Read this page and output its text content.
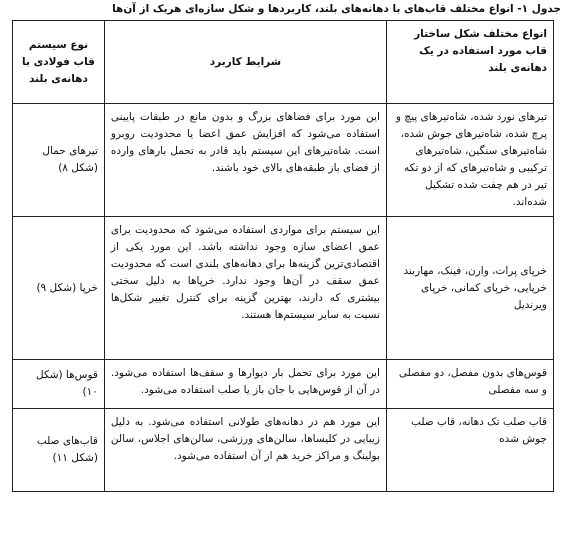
جدول ۱- انواع مختلف قاب‌های با دهانه‌های بلند، کاربردها و شکل سازه‌ای هریک از آن‌ها
انواع مختلف شکل ساختار قاب مورد استفاده در یک دهانه‌ی بلند	شرایط کاربرد	نوع سیستم قاب فولادی با دهانه‌ی بلند
تیرهای نورد شده، شاه‌تیرهای پیچ و پرچ شده، شاه‌تیرهای جوش شده، شاه‌تیرهای سنگین، شاه‌تیرهای ترکیبی و شاه‌تیرهای که از دو تکه تیر در هم چفت شده تشکیل شده‌اند.	این مورد برای فضاهای بزرگ و بدون مانع در طبقات پایینی استفاده می‌شود که افزایش عمق اعضا یا محدودیت روبرو است. شاه‌تیرهای این سیستم باید قادر به تحمل بارهای وارده از فضای باز طبقه‌های بالای خود باشند.	تیرهای حمال (شکل ۸)
خرپای پرات، وارن، فینک، مهاربند خرپایی، خرپای کمانی، خرپای ویرندیل	این سیستم برای مواردی استفاده می‌شود که محدودیت برای عمق اعضای سازه وجود نداشته باشد. این مورد یکی از اقتصادی‌ترین گزینه‌ها برای دهانه‌های بلندی است که محدودیت عمق سقف در آن‌ها وجود ندارد. خرپاها به دلیل سختی بیشتری که دارند، بهترین گزینه برای کنترل تغییر شکل‌ها نسبت به سایر سیستم‌ها هستند.	خرپا (شکل ۹)
قوس‌های بدون مفصل، دو مفصلی و سه مفصلی	این مورد برای تحمل بار دیوارها و سقف‌ها استفاده می‌شود. در آن از قوس‌هایی با جان باز یا صلب استفاده می‌شود.	قوس‌ها (شکل ۱۰)
قاب صلب تک دهانه، قاب صلب جوش شده	این مورد هم در دهانه‌های طولانی استفاده می‌شود. به دلیل زیبایی در کلیساها، سالن‌های ورزشی، سالن‌های اجلاس، سالن بولینگ و مراکز خرید هم از آن استفاده می‌شود.	قاب‌های صلب (شکل ۱۱)
